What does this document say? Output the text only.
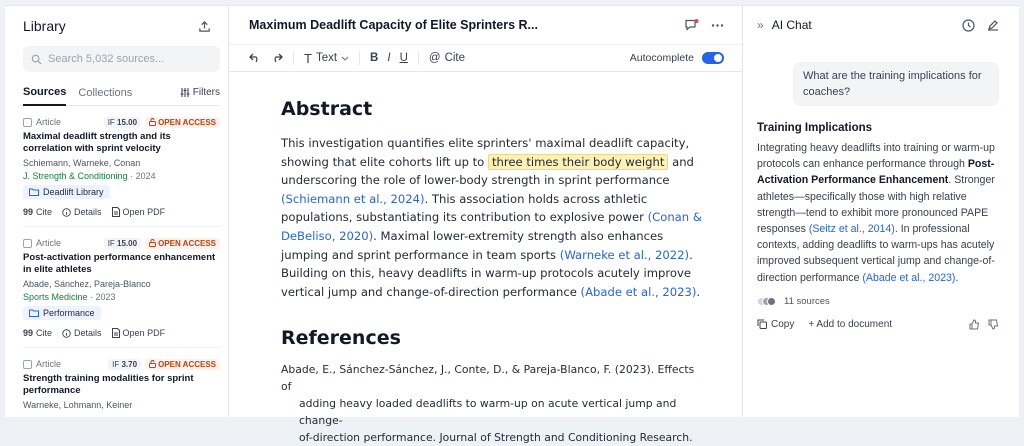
Library
Search 5,032 sources...
Sources Collections	Filters
Article	IF 15.00	OPEN ACCESS
Maximal deadlift strength and its correlation with sprint velocity
Schiemann, Warneke, Conan
J. Strength & Conditioning · 2024
Deadlift Library
99 Cite Details Open PDF
Article	IF 15.00	OPEN ACCESS
Post-activation performance enhancement in elite athletes
Abade, Sánchez, Pareja-Blanco
Sports Medicine · 2023
Performance
99 Cite Details Open PDF
Article	IF 3.70	OPEN ACCESS
Strength training modalities for sprint performance
Warneke, Lohmann, Keiner
Maximum Deadlift Capacity of Elite Sprinters R...
T Text	B I U @ Cite	Autocomplete
Abstract
This investigation quantifies elite sprinters' maximal deadlift capacity, showing that elite cohorts lift up to three times their body weight and underscoring the role of lower-body strength in sprint performance (Schiemann et al., 2024). This association holds across athletic populations, substantiating its contribution to explosive power (Conan & DeBeliso, 2020). Maximal lower-extremity strength also enhances jumping and sprint performance in team sports (Warneke et al., 2022). Building on this, heavy deadlifts in warm-up protocols acutely improve vertical jump and change-of-direction performance (Abade et al., 2023).
References
Abade, E., Sánchez-Sánchez, J., Conte, D., & Pareja-Blanco, F. (2023). Effects of
adding heavy loaded deadlifts to warm-up on acute vertical jump and change-
of-direction performance. Journal of Strength and Conditioning Research.
» AI Chat
What are the training implications for coaches?
Training Implications
Integrating heavy deadlifts into training or warm-up protocols can enhance performance through Post-Activation Performance Enhancement. Stronger athletes—specifically those with high relative strength—tend to exhibit more pronounced PAPE responses (Seitz et al., 2014). In professional contexts, adding deadlifts to warm-ups has acutely improved subsequent vertical jump and change-of-direction performance (Abade et al., 2023).
11 sources
Copy + Add to document
